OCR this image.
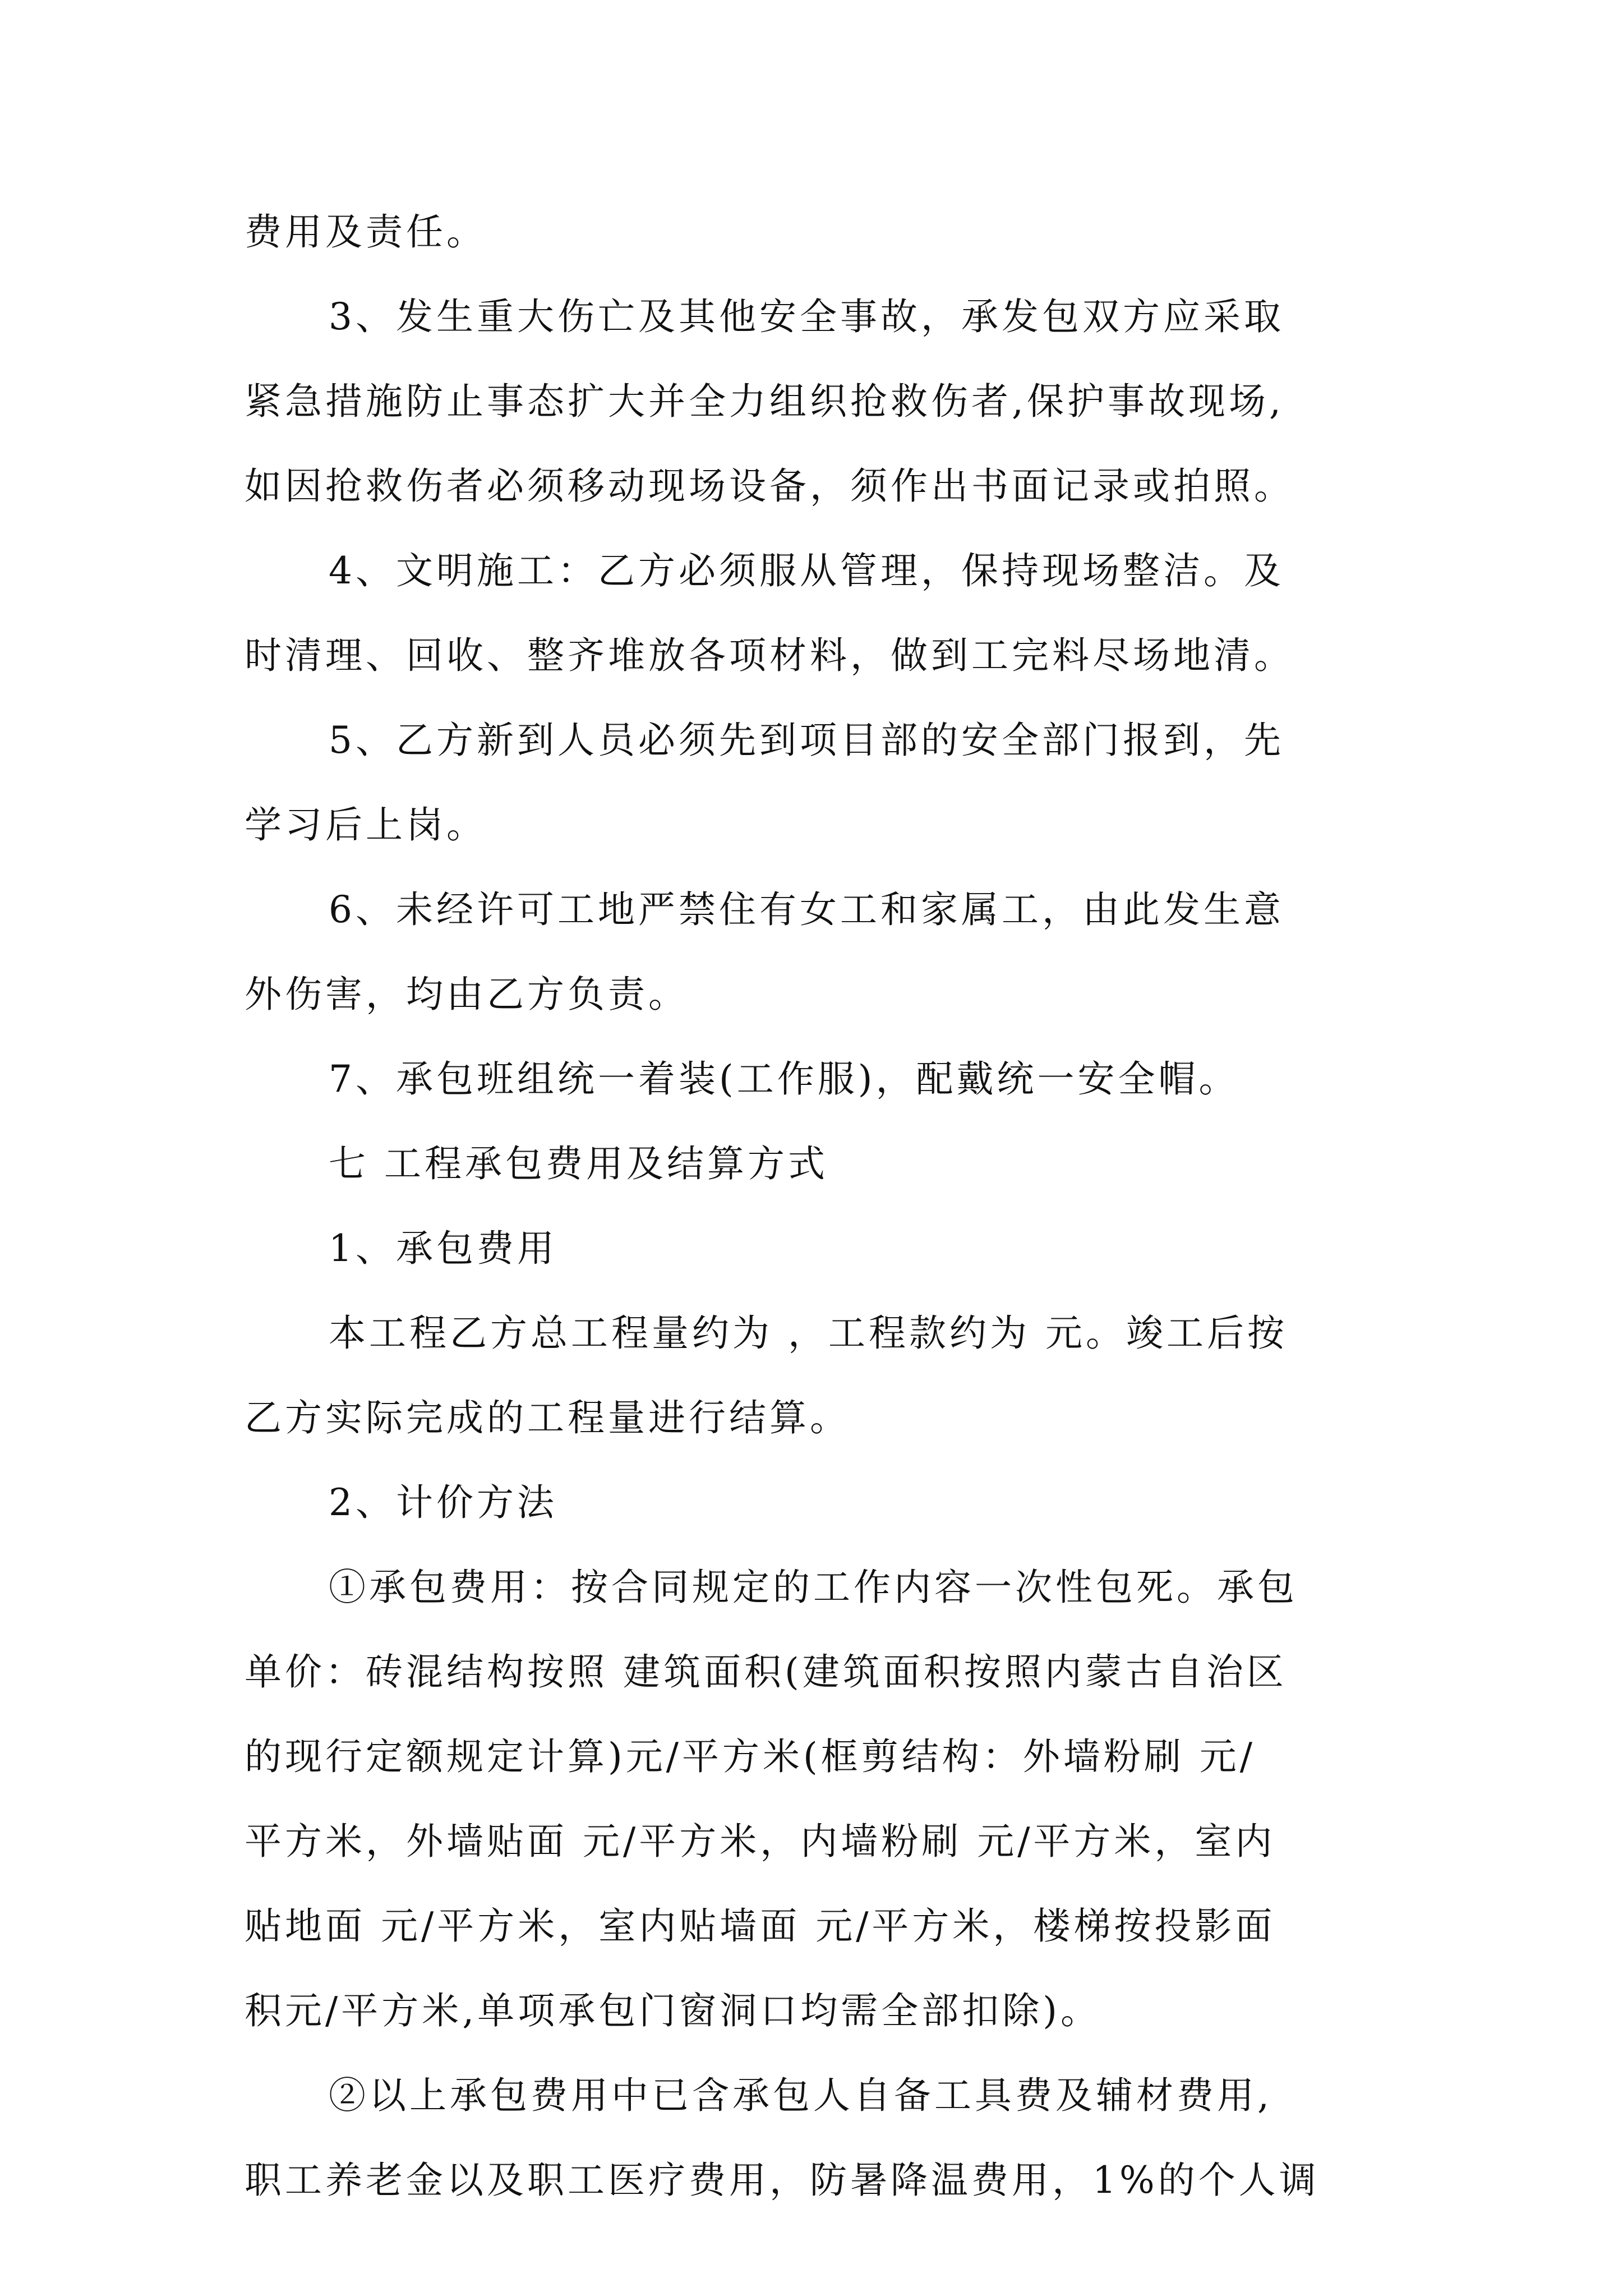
费用及责任。
3、发生重大伤亡及其他安全事故，承发包双方应采取
紧急措施防止事态扩大并全力组织抢救伤者,保护事故现场,
如因抢救伤者必须移动现场设备，须作出书面记录或拍照。
4、文明施工：乙方必须服从管理，保持现场整洁。及
时清理、回收、整齐堆放各项材料，做到工完料尽场地清。
5、乙方新到人员必须先到项目部的安全部门报到，先
学习后上岗。
6、未经许可工地严禁住有女工和家属工，由此发生意
外伤害，均由乙方负责。
7、承包班组统一着装(工作服)，配戴统一安全帽。
七 工程承包费用及结算方式
1、承包费用
本工程乙方总工程量约为 ，工程款约为 元。竣工后按
乙方实际完成的工程量进行结算。
2、计价方法
①承包费用：按合同规定的工作内容一次性包死。承包
单价：砖混结构按照 建筑面积(建筑面积按照内蒙古自治区
的现行定额规定计算)元/平方米(框剪结构：外墙粉刷 元/
平方米，外墙贴面 元/平方米，内墙粉刷 元/平方米，室内
贴地面 元/平方米，室内贴墙面 元/平方米，楼梯按投影面
积元/平方米,单项承包门窗洞口均需全部扣除)。
②以上承包费用中已含承包人自备工具费及辅材费用,
职工养老金以及职工医疗费用，防暑降温费用，1%的个人调
